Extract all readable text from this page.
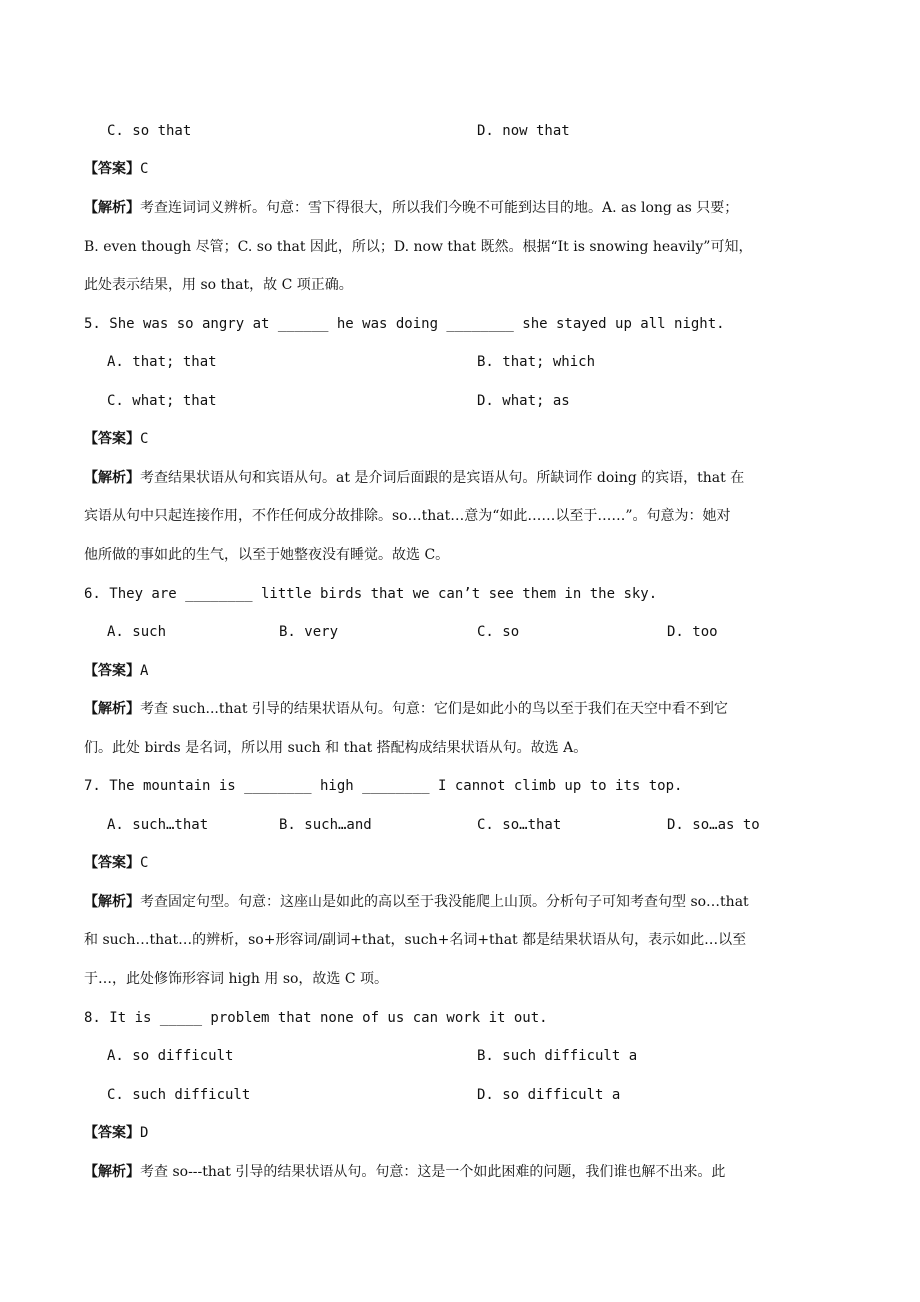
C. so that	D. now that
【答案】C
【解析】考查连词词义辨析。句意：雪下得很大，所以我们今晚不可能到达目的地。A. as long as 只要；
B. even though 尽管；C. so that 因此，所以；D. now that 既然。根据“It is snowing heavily”可知，
此处表示结果，用 so that，故 C 项正确。
5. She was so angry at ______ he was doing ________ she stayed up all night.
A. that; that	B. that; which
C. what; that	D. what; as
【答案】C
【解析】考查结果状语从句和宾语从句。at 是介词后面跟的是宾语从句。所缺词作 doing 的宾语，that 在
宾语从句中只起连接作用，不作任何成分故排除。so…that…意为“如此……以至于……”。句意为：她对
他所做的事如此的生气，以至于她整夜没有睡觉。故选 C。
6. They are ________ little birds that we can’t see them in the sky.
A. such	B. very	C. so	D. too
【答案】A
【解析】考查 such...that 引导的结果状语从句。句意：它们是如此小的鸟以至于我们在天空中看不到它
们。此处 birds 是名词，所以用 such 和 that 搭配构成结果状语从句。故选 A。
7. The mountain is ________ high ________ I cannot climb up to its top.
A. such…that	B. such…and	C. so…that	D. so…as to
【答案】C
【解析】考查固定句型。句意：这座山是如此的高以至于我没能爬上山顶。分析句子可知考查句型 so…that
和 such…that…的辨析，so+形容词/副词+that，such+名词+that 都是结果状语从句，表示如此…以至
于…，此处修饰形容词 high 用 so，故选 C 项。
8. It is _____ problem that none of us can work it out.
A. so difficult	B. such difficult a
C. such difficult	D. so difficult a
【答案】D
【解析】考查 so---that 引导的结果状语从句。句意：这是一个如此困难的问题，我们谁也解不出来。此
